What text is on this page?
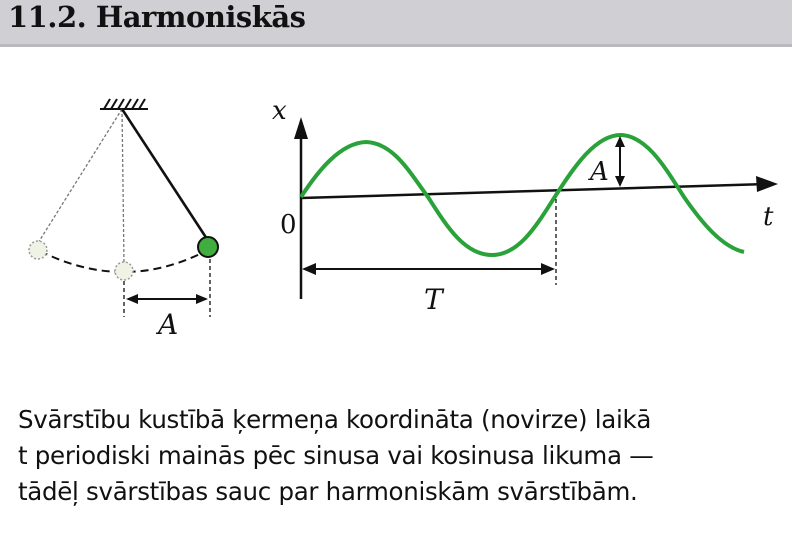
11.2. Harmoniskās
A
x
t
0
A
T
Svārstību kustībā ķermeņa koordināta (novirze) laikā
t periodiski mainās pēc sinusa vai kosinusa likuma —
tādēļ svārstības sauc par harmoniskām svārstībām.
